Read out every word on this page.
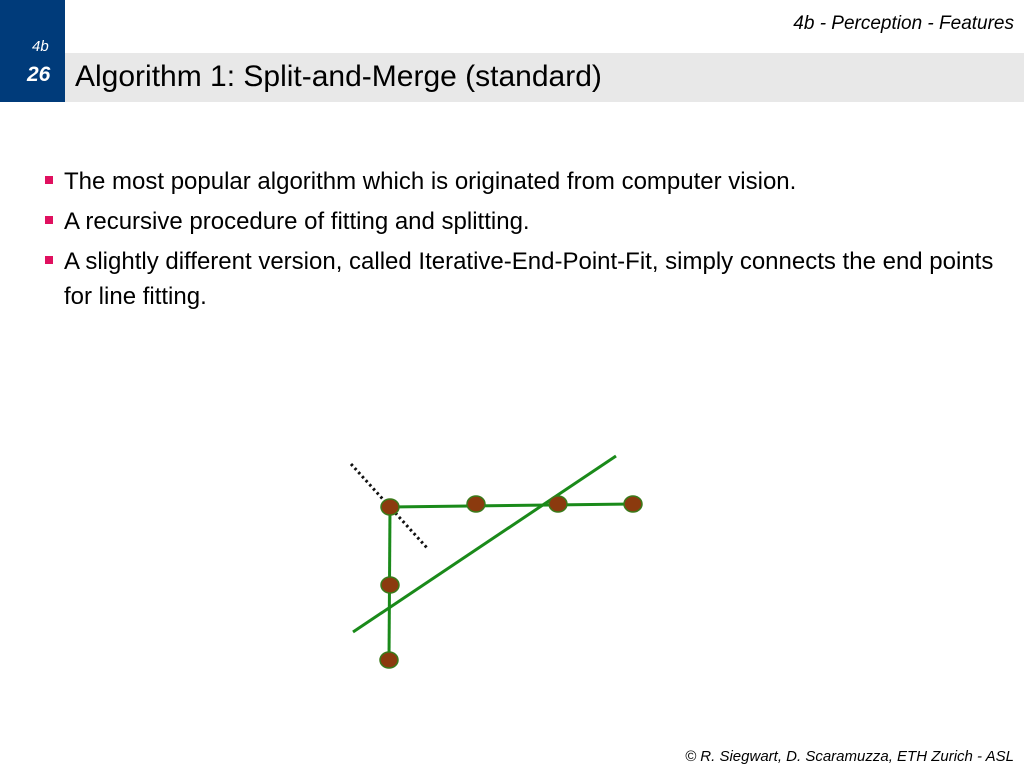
4b
26
4b - Perception - Features
Algorithm 1: Split-and-Merge (standard)
The most popular algorithm which is originated from computer vision.
A recursive procedure of fitting and splitting.
A slightly different version, called Iterative-End-Point-Fit, simply connects the end points for line fitting.
© R. Siegwart, D. Scaramuzza, ETH Zurich - ASL
